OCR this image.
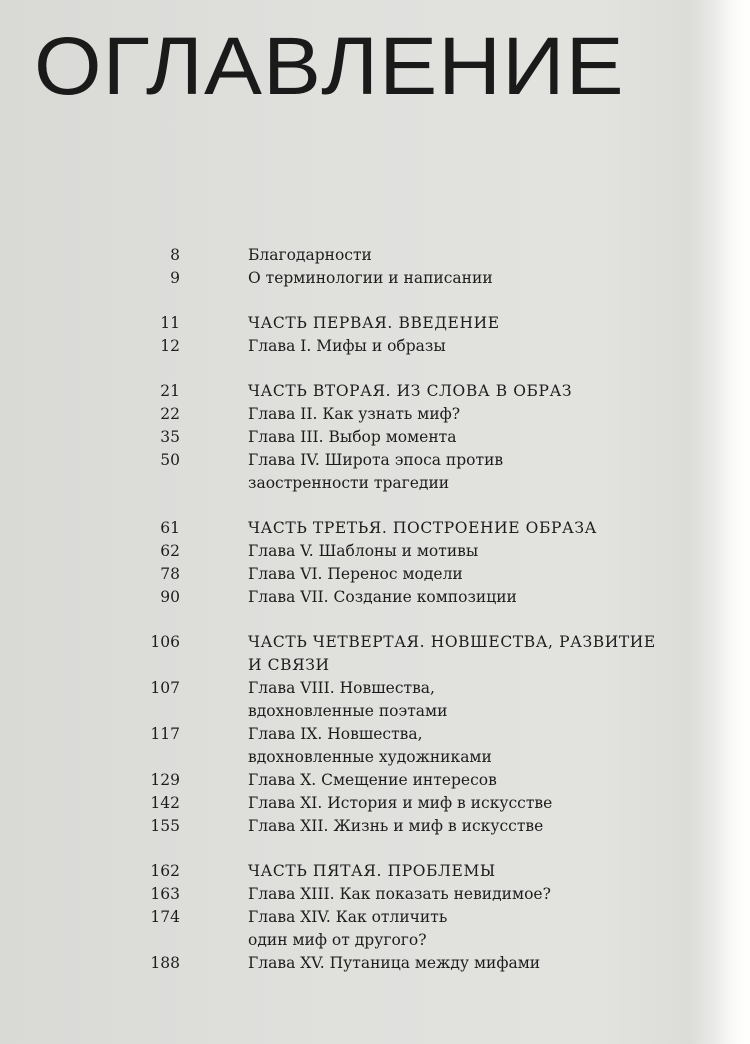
ОГЛАВЛЕНИЕ
8	Благодарности
9	О терминологии и написании
11	ЧАСТЬ ПЕРВАЯ. ВВЕДЕНИЕ
12	Глава I. Мифы и образы
21	ЧАСТЬ ВТОРАЯ. ИЗ СЛОВА В ОБРАЗ
22	Глава II. Как узнать миф?
35	Глава III. Выбор момента
50	Глава IV. Широта эпоса против
заостренности трагедии
61	ЧАСТЬ ТРЕТЬЯ. ПОСТРОЕНИЕ ОБРАЗА
62	Глава V. Шаблоны и мотивы
78	Глава VI. Перенос модели
90	Глава VII. Создание композиции
106	ЧАСТЬ ЧЕТВЕРТАЯ. НОВШЕСТВА, РАЗВИТИЕ
И СВЯЗИ
107	Глава VIII. Новшества,
вдохновленные поэтами
117	Глава IX. Новшества,
вдохновленные художниками
129	Глава X. Смещение интересов
142	Глава XI. История и миф в искусстве
155	Глава XII. Жизнь и миф в искусстве
162	ЧАСТЬ ПЯТАЯ. ПРОБЛЕМЫ
163	Глава XIII. Как показать невидимое?
174	Глава XIV. Как отличить
один миф от другого?
188	Глава XV. Путаница между мифами
